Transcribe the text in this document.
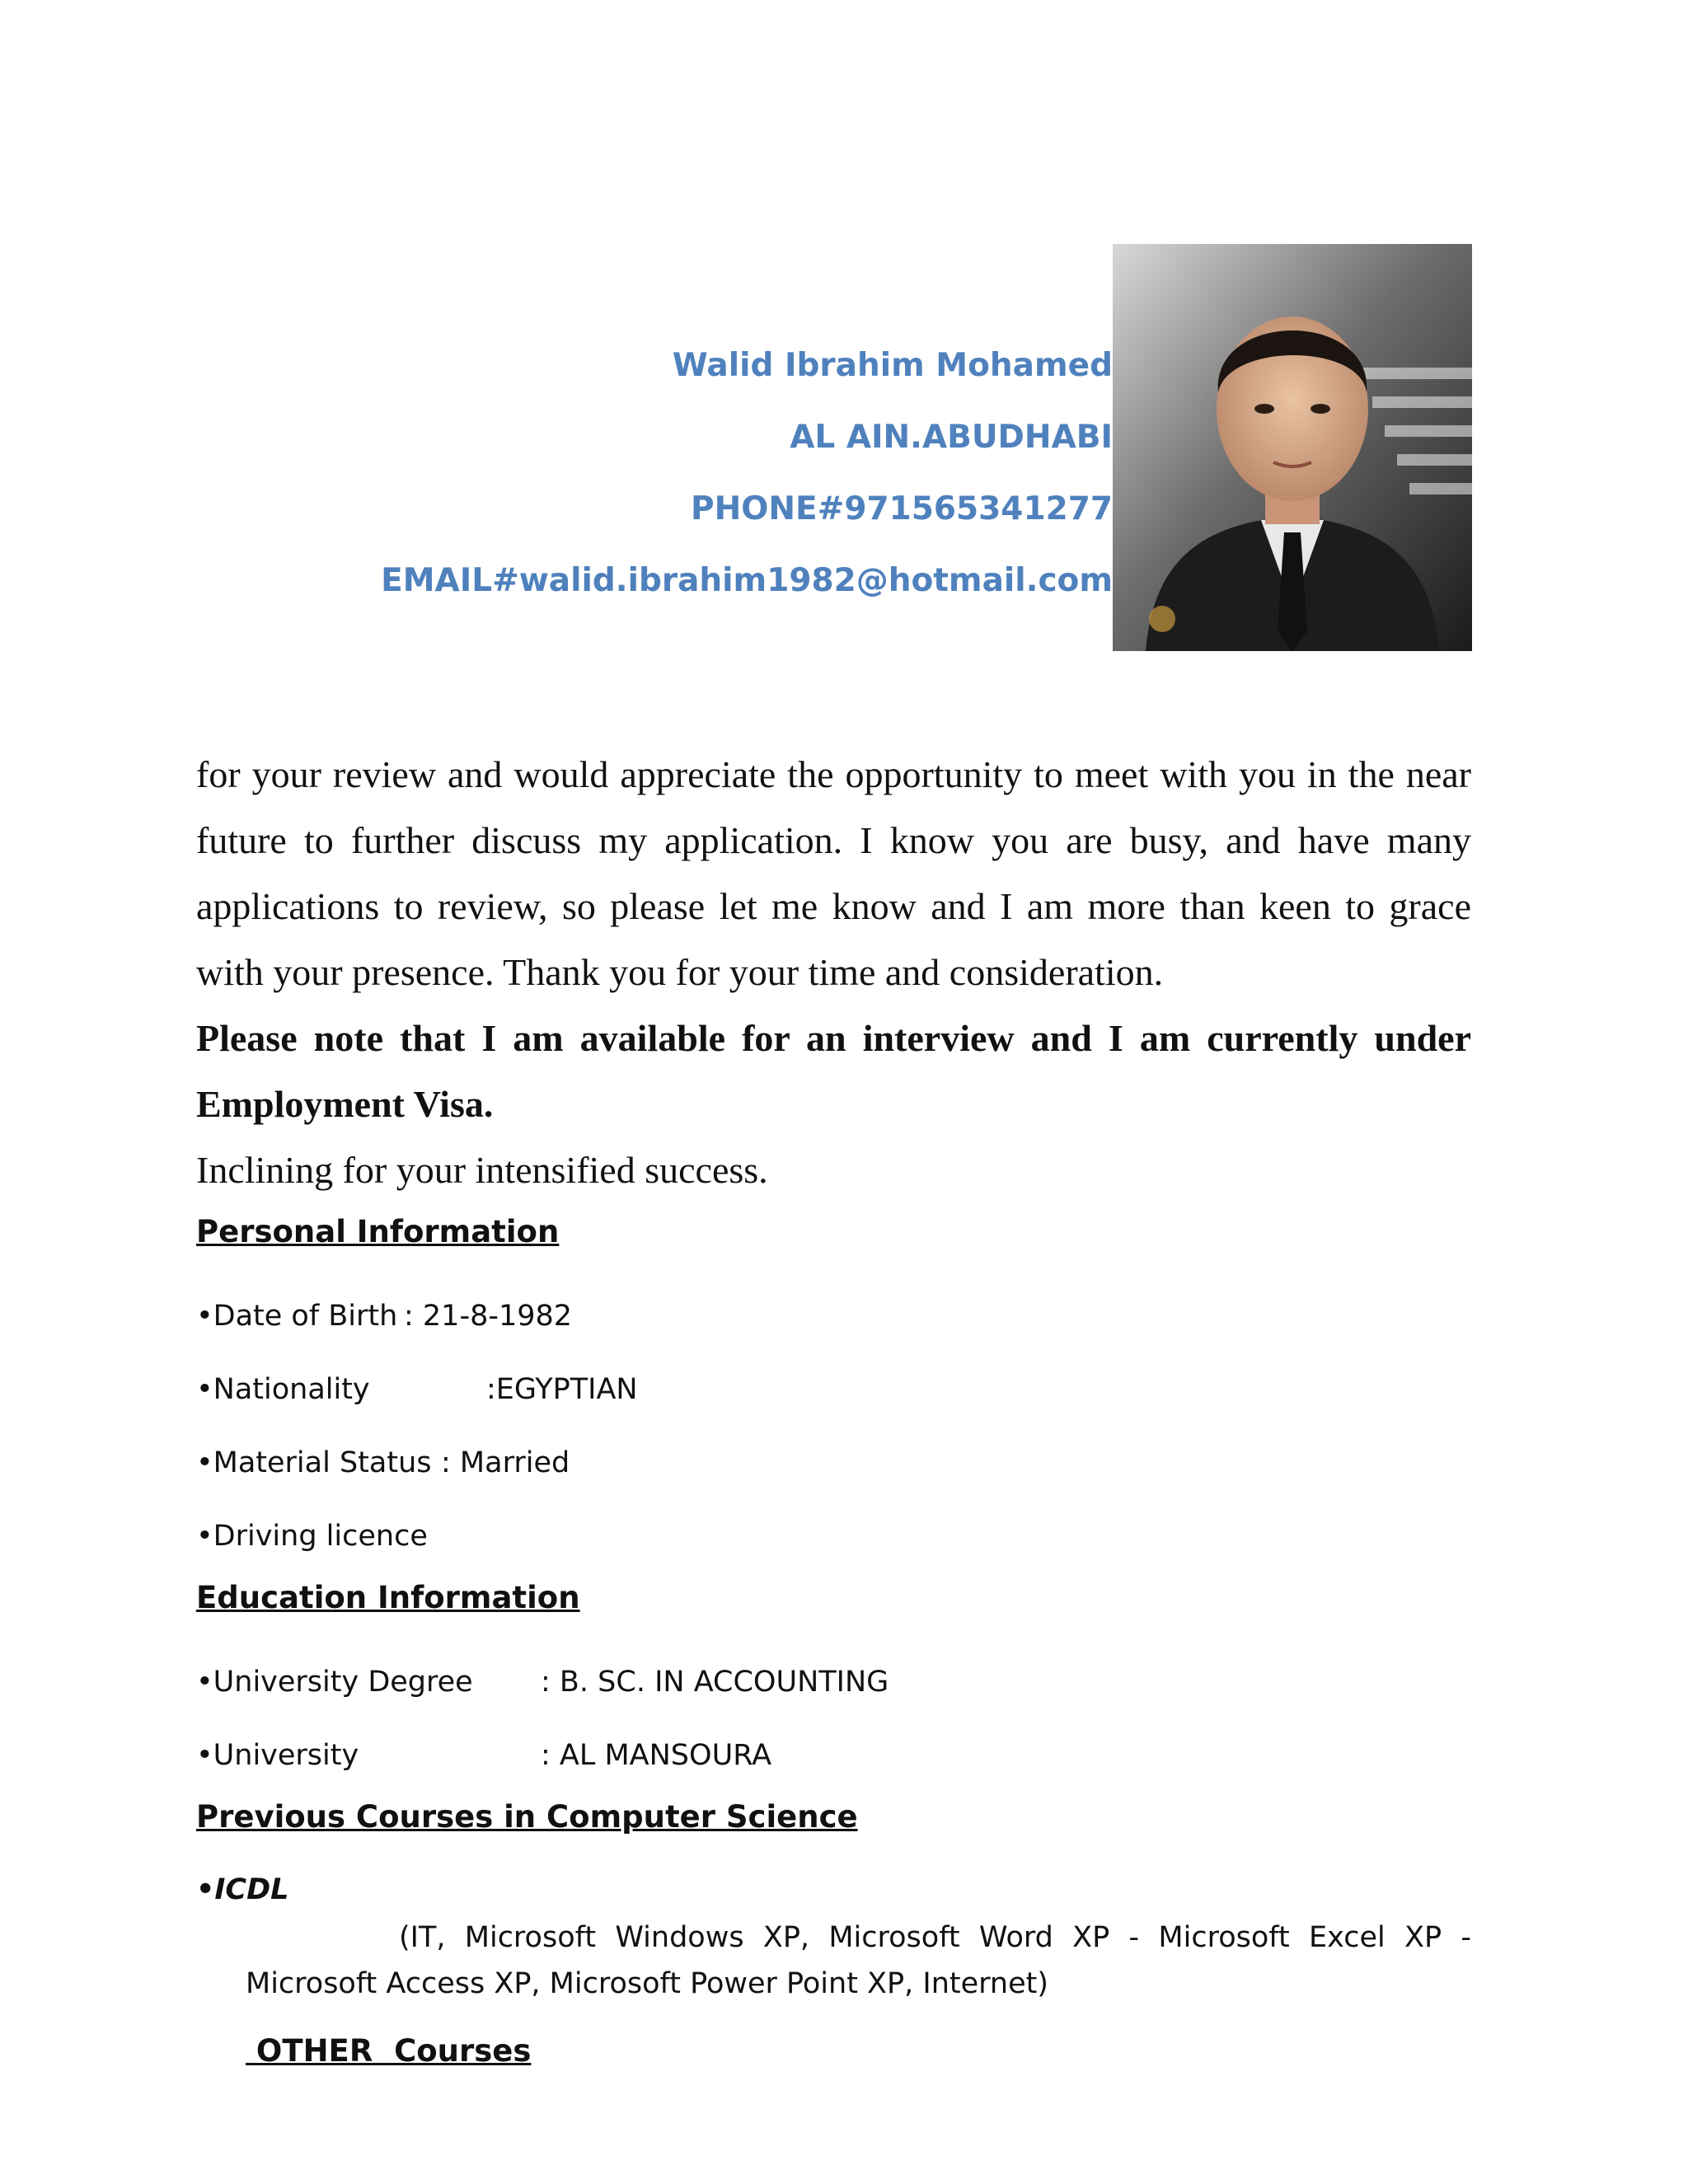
Walid Ibrahim Mohamed
AL AIN.ABUDHABI
PHONE#971565341277
EMAIL#walid.ibrahim1982@hotmail.com

for your review and would appreciate the opportunity to meet with you in the near future to further discuss my application. I know you are busy, and have many applications to review, so please let me know and I am more than keen to grace with your presence. Thank you for your time and consideration.

Please note that I am available for an interview and I am currently under Employment Visa.

Inclining for your intensified success.

Personal Information
•Date of Birth : 21-8-1982
•Nationality	:EGYPTIAN
•Material Status : Married
•Driving licence
Education Information
•University Degree : B. SC. IN ACCOUNTING
•University	: AL MANSOURA
Previous Courses in Computer Science
•ICDL
(IT, Microsoft Windows XP, Microsoft Word XP - Microsoft Excel XP - Microsoft Access XP, Microsoft Power Point XP, Internet)
OTHER  Courses
